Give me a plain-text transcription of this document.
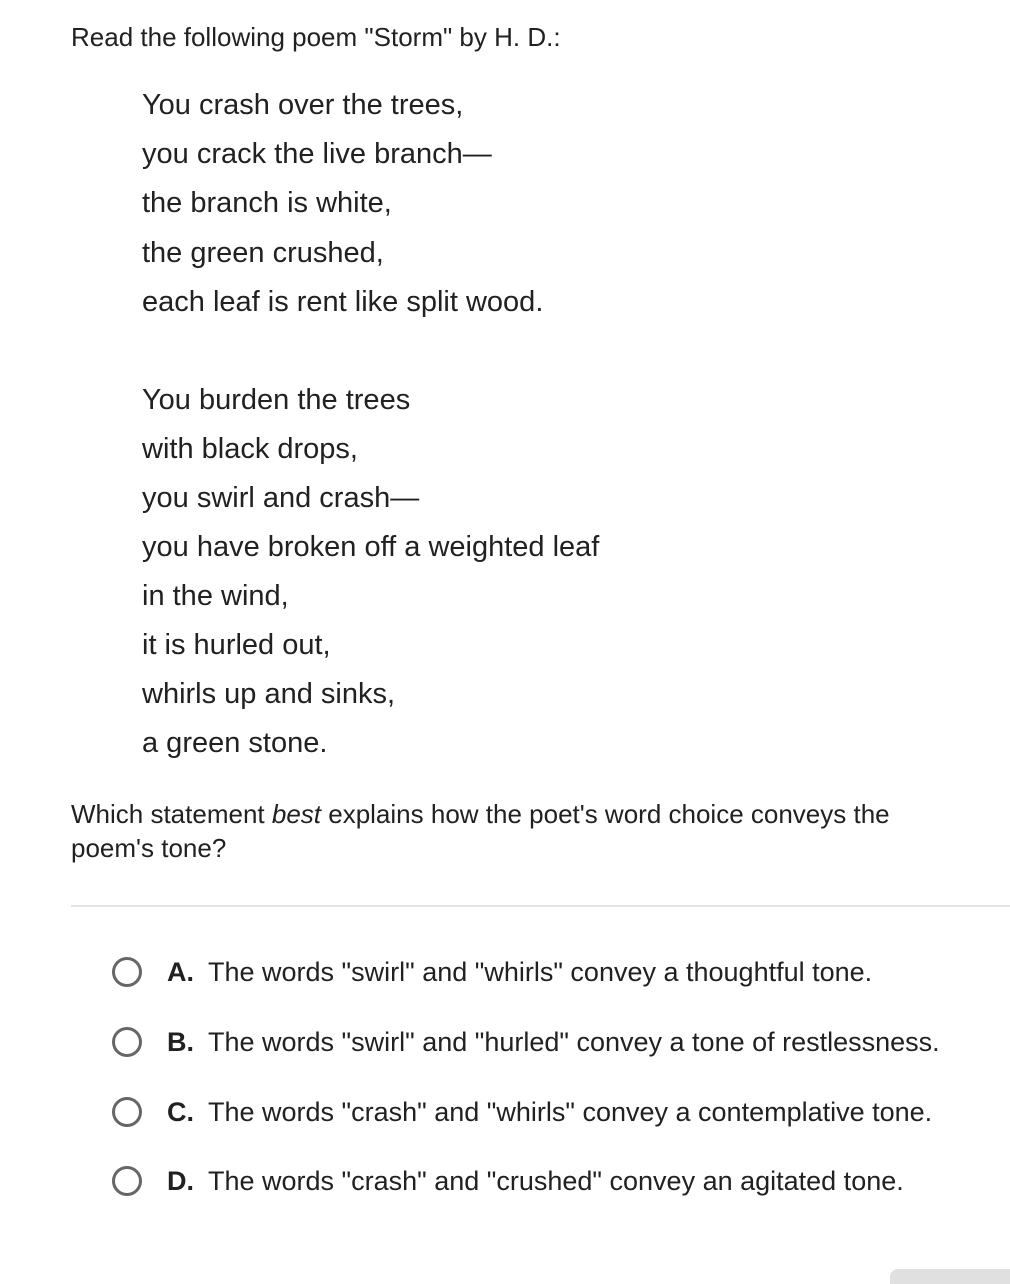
Read the following poem "Storm" by H. D.:
You crash over the trees,
you crack the live branch—
the branch is white,
the green crushed,
each leaf is rent like split wood.
You burden the trees
with black drops,
you swirl and crash—
you have broken off a weighted leaf
in the wind,
it is hurled out,
whirls up and sinks,
a green stone.
Which statement best explains how the poet's word choice conveys the poem's tone?
A. The words "swirl" and "whirls" convey a thoughtful tone.
B. The words "swirl" and "hurled" convey a tone of restlessness.
C. The words "crash" and "whirls" convey a contemplative tone.
D. The words "crash" and "crushed" convey an agitated tone.
